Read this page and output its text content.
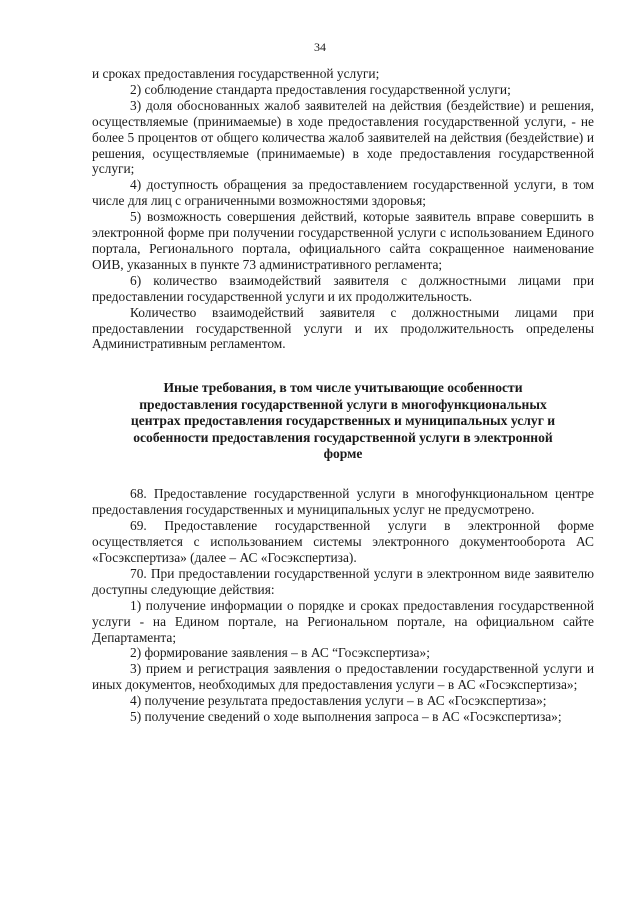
34

и сроках предоставления государственной услуги;

2) соблюдение стандарта предоставления государственной услуги;

3) доля обоснованных жалоб заявителей на действия (бездействие) и решения, осуществляемые (принимаемые) в ходе предоставления государственной услуги, - не более 5 процентов от общего количества жалоб заявителей на действия (бездействие) и решения, осуществляемые (принимаемые) в ходе предоставления государственной услуги;

4) доступность обращения за предоставлением государственной услуги, в том числе для лиц с ограниченными возможностями здоровья;

5) возможность совершения действий, которые заявитель вправе совершить в электронной форме при получении государственной услуги с использованием Единого портала, Регионального портала, официального сайта сокращенное наименование ОИВ, указанных в пункте 73 административного регламента;

6) количество взаимодействий заявителя с должностными лицами при предоставлении государственной услуги и их продолжительность.

Количество взаимодействий заявителя с должностными лицами при предоставлении государственной услуги и их продолжительность определены Административным регламентом.

Иные требования, в том числе учитывающие особенности
предоставления государственной услуги в многофункциональных
центрах предоставления государственных и муниципальных услуг и
особенности предоставления государственной услуги в электронной
форме

68. Предоставление государственной услуги в многофункциональном центре предоставления государственных и муниципальных услуг не предусмотрено.

69. Предоставление государственной услуги в электронной форме осуществляется с использованием системы электронного документооборота АС «Госэкспертиза» (далее – АС «Госэкспертиза).

70. При предоставлении государственной услуги в электронном виде заявителю доступны следующие действия:

1) получение информации о порядке и сроках предоставления государственной услуги - на Едином портале, на Региональном портале, на официальном сайте Департамента;

2) формирование заявления – в АС “Госэкспертиза»;

3) прием и регистрация заявления о предоставлении государственной услуги и иных документов, необходимых для предоставления услуги – в АС «Госэкспертиза»;

4) получение результата предоставления услуги – в АС «Госэкспертиза»;

5) получение сведений о ходе выполнения запроса – в АС «Госэкспертиза»;
